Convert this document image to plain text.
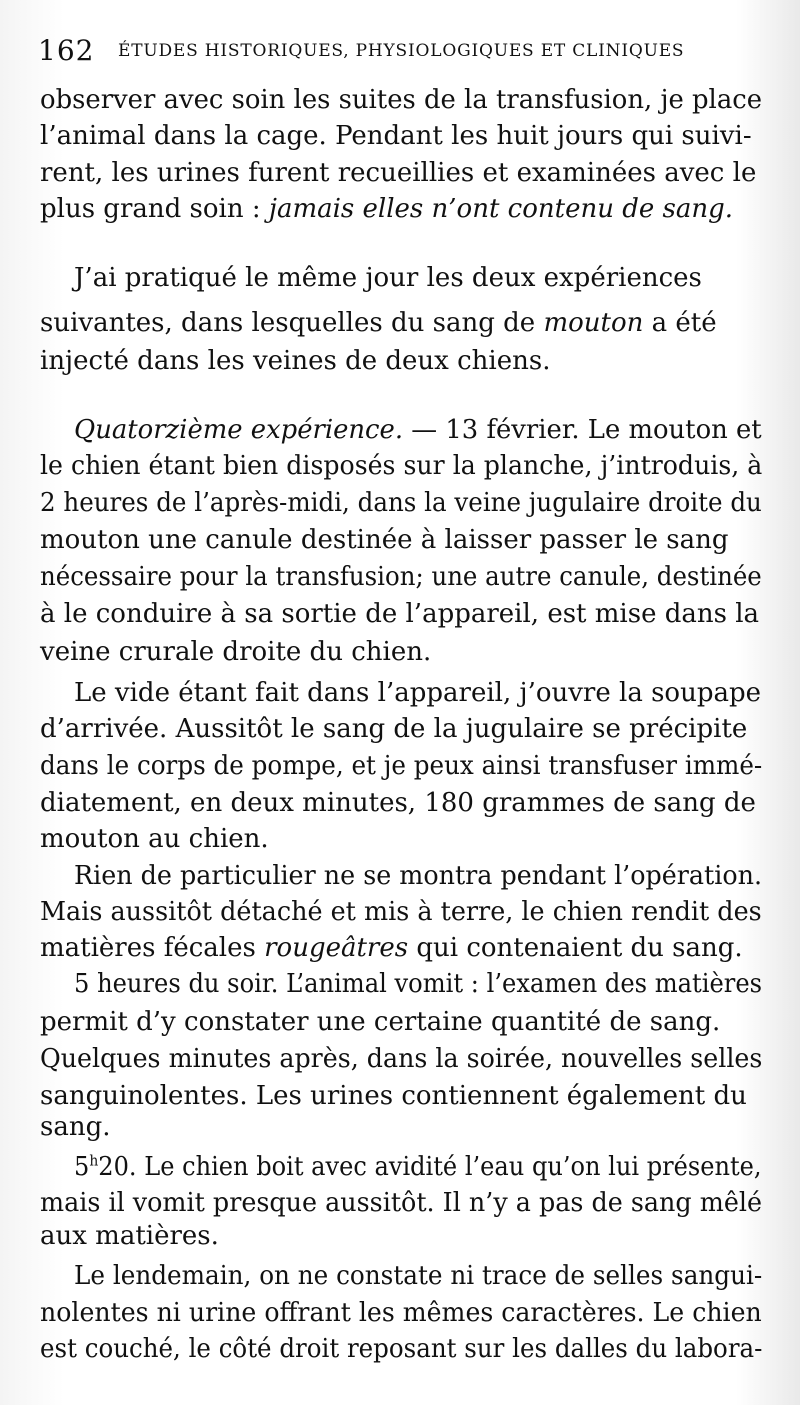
162 ÉTUDES HISTORIQUES, PHYSIOLOGIQUES ET CLINIQUES
observer avec soin les suites de la transfusion, je place
l’animal dans la cage. Pendant les huit jours qui suivi-
rent, les urines furent recueillies et examinées avec le
plus grand soin : jamais elles n’ont contenu de sang.
J’ai pratiqué le même jour les deux expériences
suivantes, dans lesquelles du sang de mouton a été
injecté dans les veines de deux chiens.
Quatorzième expérience. — 13 février. Le mouton et
le chien étant bien disposés sur la planche, j’introduis, à
2 heures de l’après-midi, dans la veine jugulaire droite du
mouton une canule destinée à laisser passer le sang
nécessaire pour la transfusion; une autre canule, destinée
à le conduire à sa sortie de l’appareil, est mise dans la
veine crurale droite du chien.
Le vide étant fait dans l’appareil, j’ouvre la soupape
d’arrivée. Aussitôt le sang de la jugulaire se précipite
dans le corps de pompe, et je peux ainsi transfuser immé-
diatement, en deux minutes, 180 grammes de sang de
mouton au chien.
Rien de particulier ne se montra pendant l’opération.
Mais aussitôt détaché et mis à terre, le chien rendit des
matières fécales rougeâtres qui contenaient du sang.
5 heures du soir. L’animal vomit : l’examen des matières
permit d’y constater une certaine quantité de sang.
Quelques minutes après, dans la soirée, nouvelles selles
sanguinolentes. Les urines contiennent également du
sang.
5$^h$20. Le chien boit avec avidité l’eau qu’on lui présente,
mais il vomit presque aussitôt. Il n’y a pas de sang mêlé
aux matières.
Le lendemain, on ne constate ni trace de selles sangui-
nolentes ni urine offrant les mêmes caractères. Le chien
est couché, le côté droit reposant sur les dalles du labora-
